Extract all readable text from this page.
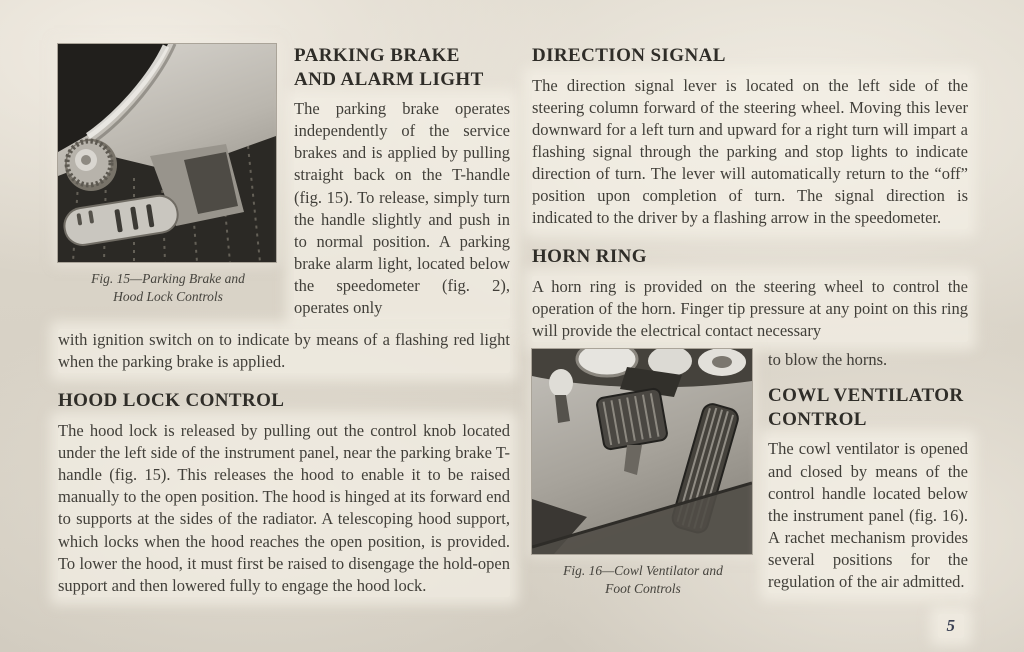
Fig. 15—Parking Brake and
Hood Lock Controls
PARKING BRAKE
AND ALARM LIGHT

The parking brake operates independently of the service brakes and is applied by pulling straight back on the T-handle (fig. 15). To release, simply turn the handle slightly and push in to normal position. A parking brake alarm light, located below the speedometer (fig. 2), operates only

with ignition switch on to indicate by means of a flashing red light when the parking brake is applied.

HOOD LOCK CONTROL

The hood lock is released by pulling out the control knob located under the left side of the instrument panel, near the parking brake T-handle (fig. 15). This releases the hood to enable it to be raised manually to the open position. The hood is hinged at its forward end to supports at the sides of the radiator. A telescoping hood support, which locks when the hood reaches the open position, is provided. To lower the hood, it must first be raised to disengage the hold-open support and then lowered fully to engage the hood lock.

DIRECTION SIGNAL

The direction signal lever is located on the left side of the steering column forward of the steering wheel. Moving this lever downward for a left turn and upward for a right turn will impart a flashing signal through the parking and stop lights to indicate direction of turn. The lever will automatically return to the “off” position upon completion of turn. The signal direction is indicated to the driver by a flashing arrow in the speedometer.

HORN RING

A horn ring is provided on the steering wheel to control the operation of the horn. Finger tip pressure at any point on this ring will provide the electrical contact necessary

Fig. 16—Cowl Ventilator and
Foot Controls

to blow the horns.

COWL VENTILATOR
CONTROL

The cowl ventilator is opened and closed by means of the control handle located below the instrument panel (fig. 16). A rachet mechanism provides several positions for the regulation of the air admitted.

5
